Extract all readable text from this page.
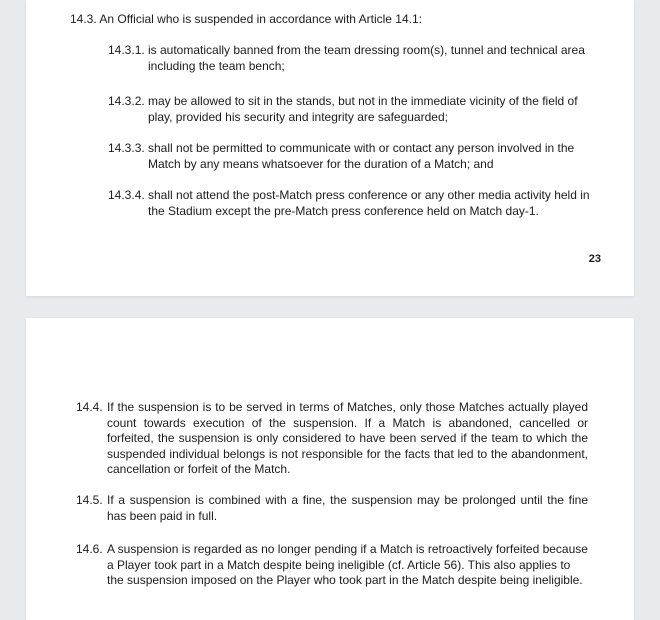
14.3. An Official who is suspended in accordance with Article 14.1:
14.3.1. is automatically banned from the team dressing room(s), tunnel and technical area including the team bench;
14.3.2. may be allowed to sit in the stands, but not in the immediate vicinity of the field of play, provided his security and integrity are safeguarded;
14.3.3. shall not be permitted to communicate with or contact any person involved in the Match by any means whatsoever for the duration of a Match; and
14.3.4. shall not attend the post-Match press conference or any other media activity held in the Stadium except the pre-Match press conference held on Match day-1.
23
14.4. If the suspension is to be served in terms of Matches, only those Matches actually played count towards execution of the suspension. If a Match is abandoned, cancelled or forfeited, the suspension is only considered to have been served if the team to which the suspended individual belongs is not responsible for the facts that led to the abandonment, cancellation or forfeit of the Match.
14.5. If a suspension is combined with a fine, the suspension may be prolonged until the fine has been paid in full.
14.6. A suspension is regarded as no longer pending if a Match is retroactively forfeited because a Player took part in a Match despite being ineligible (cf. Article 56). This also applies to the suspension imposed on the Player who took part in the Match despite being ineligible.
